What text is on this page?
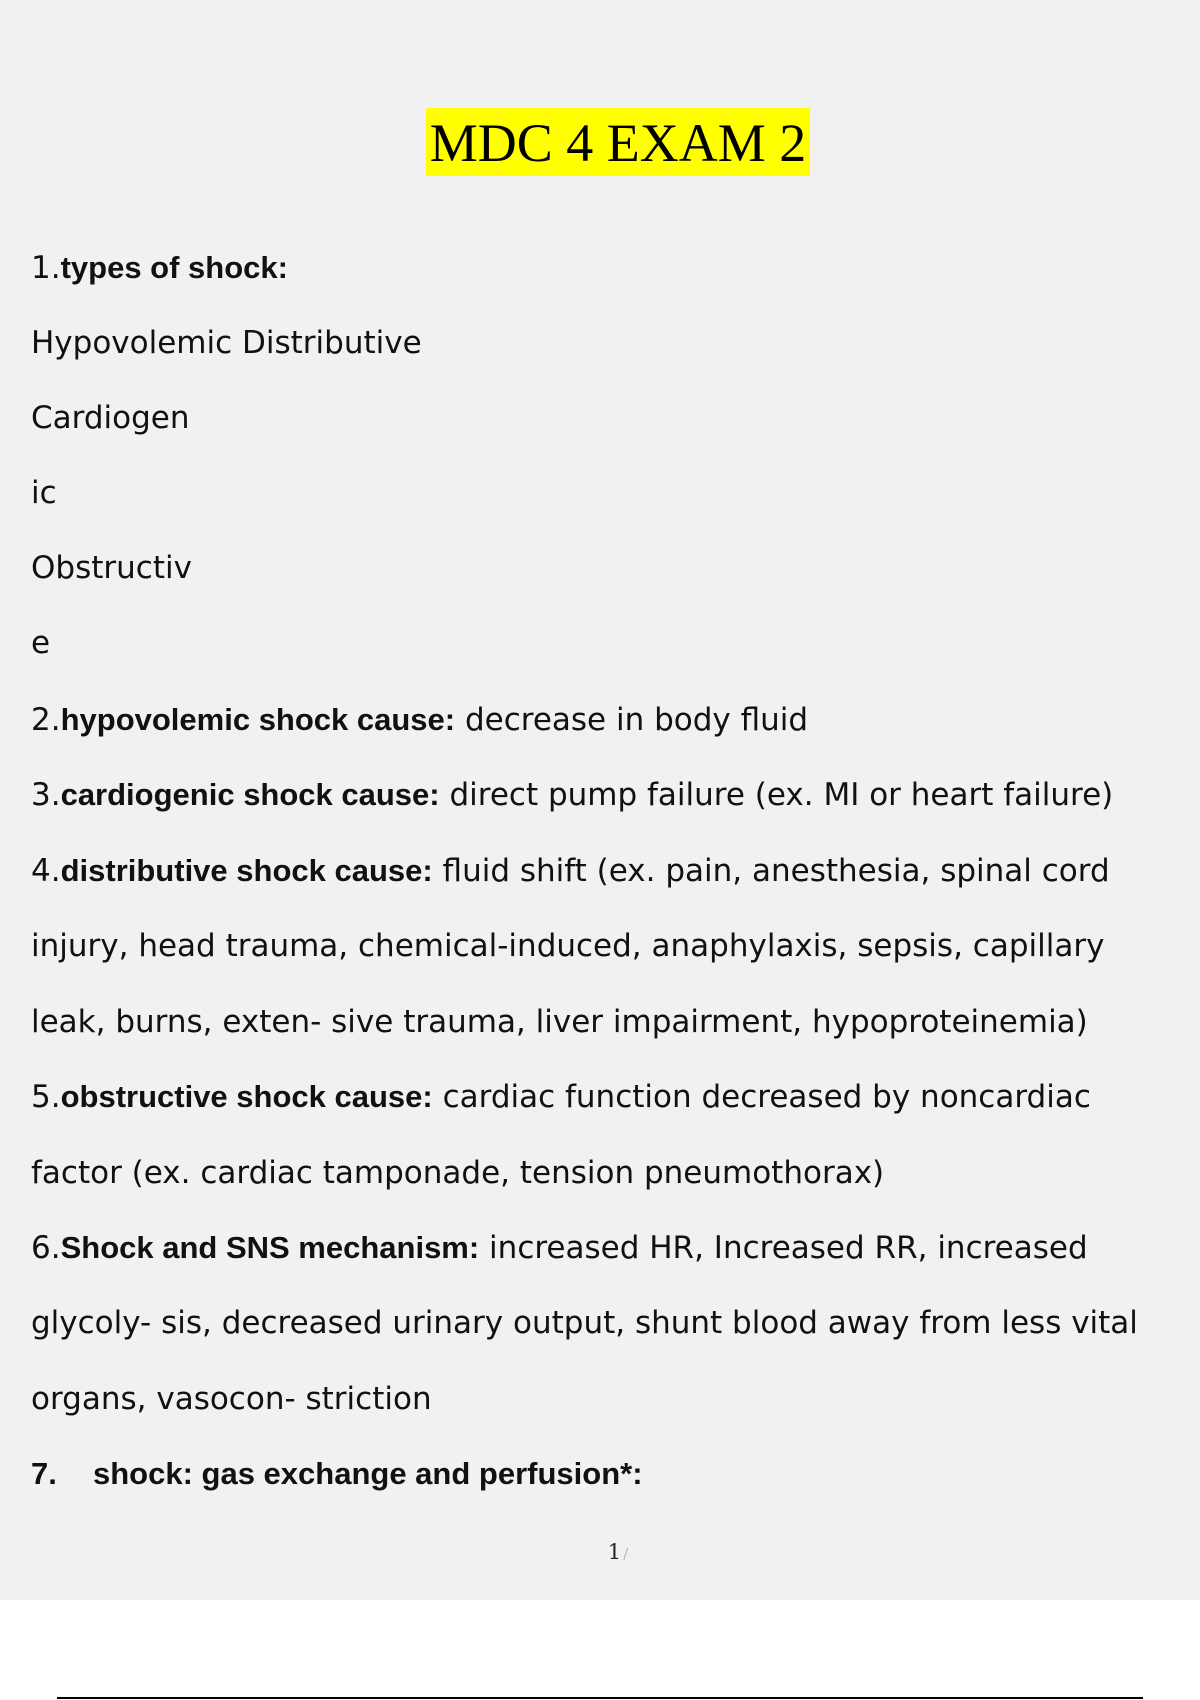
MDC 4 EXAM 2
1.types of shock:
Hypovolemic Distributive
Cardiogen
ic
Obstructiv
e
2.hypovolemic shock cause: decrease in body fluid
3.cardiogenic shock cause: direct pump failure (ex. MI or heart failure)
4.distributive shock cause: fluid shift (ex. pain, anesthesia, spinal cord
injury, head trauma, chemical-induced, anaphylaxis, sepsis, capillary
leak, burns, exten- sive trauma, liver impairment, hypoproteinemia)
5.obstructive shock cause: cardiac function decreased by noncardiac
factor (ex. cardiac tamponade, tension pneumothorax)
6.Shock and SNS mechanism: increased HR, Increased RR, increased
glycoly- sis, decreased urinary output, shunt blood away from less vital
organs, vasocon- striction
7. shock: gas exchange and perfusion*:
1 /
